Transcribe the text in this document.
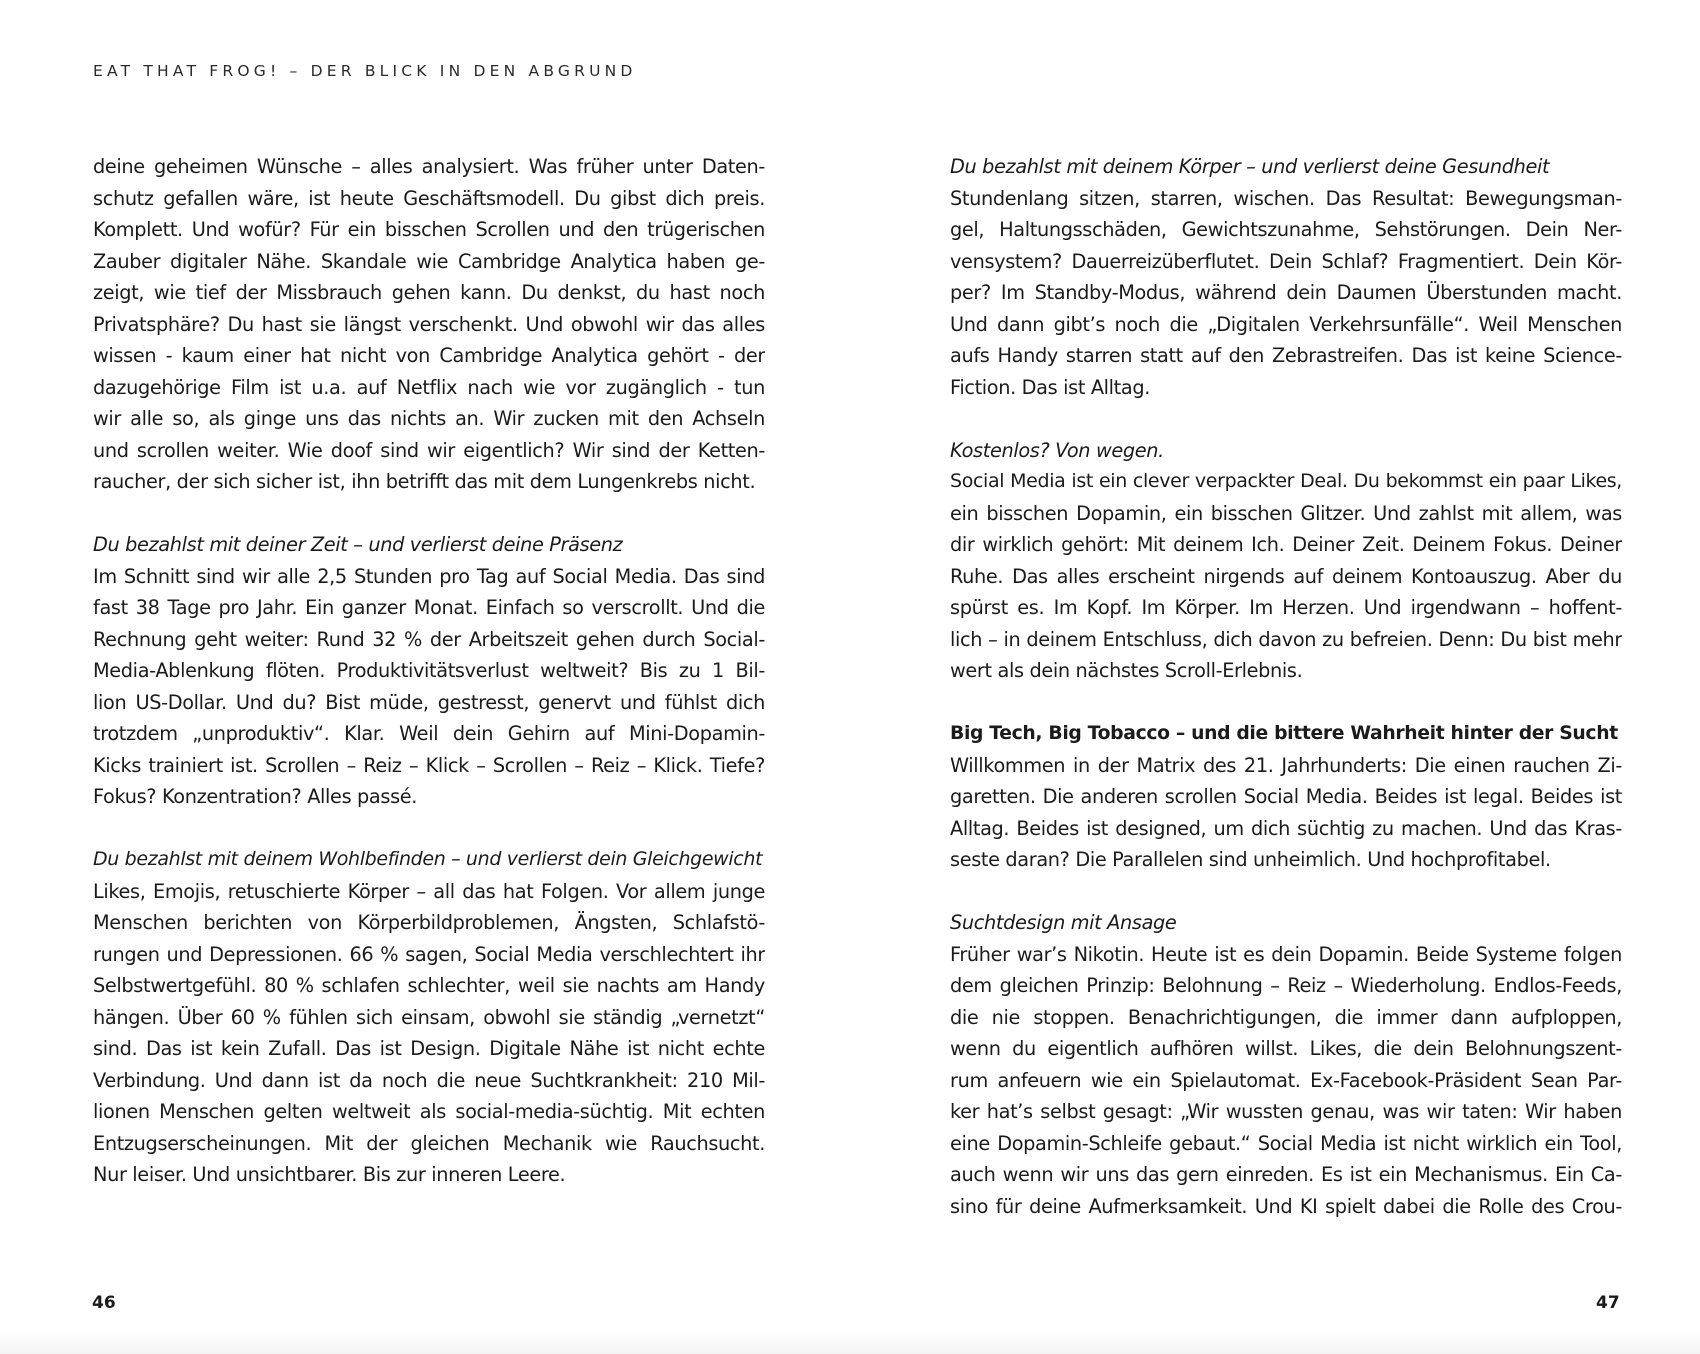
EAT THAT FROG! – DER BLICK IN DEN ABGRUND
deine geheimen Wünsche – alles analysiert. Was früher unter Daten-
schutz gefallen wäre, ist heute Geschäftsmodell. Du gibst dich preis.
Komplett. Und wofür? Für ein bisschen Scrollen und den trügerischen
Zauber digitaler Nähe. Skandale wie Cambridge Analytica haben ge-
zeigt, wie tief der Missbrauch gehen kann. Du denkst, du hast noch
Privatsphäre? Du hast sie längst verschenkt. Und obwohl wir das alles
wissen - kaum einer hat nicht von Cambridge Analytica gehört - der
dazugehörige Film ist u.a. auf Netflix nach wie vor zugänglich - tun
wir alle so, als ginge uns das nichts an. Wir zucken mit den Achseln
und scrollen weiter. Wie doof sind wir eigentlich? Wir sind der Ketten-
raucher, der sich sicher ist, ihn betrifft das mit dem Lungenkrebs nicht.
Du bezahlst mit deiner Zeit – und verlierst deine Präsenz
Im Schnitt sind wir alle 2,5 Stunden pro Tag auf Social Media. Das sind
fast 38 Tage pro Jahr. Ein ganzer Monat. Einfach so verscrollt. Und die
Rechnung geht weiter: Rund 32 % der Arbeitszeit gehen durch Social-
Media-Ablenkung flöten. Produktivitätsverlust weltweit? Bis zu 1 Bil-
lion US-Dollar. Und du? Bist müde, gestresst, genervt und fühlst dich
trotzdem „unproduktiv“. Klar. Weil dein Gehirn auf Mini-Dopamin-
Kicks trainiert ist. Scrollen – Reiz – Klick – Scrollen – Reiz – Klick. Tiefe?
Fokus? Konzentration? Alles passé.
Du bezahlst mit deinem Wohlbefinden – und verlierst dein Gleichgewicht
Likes, Emojis, retuschierte Körper – all das hat Folgen. Vor allem junge
Menschen berichten von Körperbildproblemen, Ängsten, Schlafstö-
rungen und Depressionen. 66 % sagen, Social Media verschlechtert ihr
Selbstwertgefühl. 80 % schlafen schlechter, weil sie nachts am Handy
hängen. Über 60 % fühlen sich einsam, obwohl sie ständig „vernetzt“
sind. Das ist kein Zufall. Das ist Design. Digitale Nähe ist nicht echte
Verbindung. Und dann ist da noch die neue Suchtkrankheit: 210 Mil-
lionen Menschen gelten weltweit als social-media-süchtig. Mit echten
Entzugserscheinungen. Mit der gleichen Mechanik wie Rauchsucht.
Nur leiser. Und unsichtbarer. Bis zur inneren Leere.
Du bezahlst mit deinem Körper – und verlierst deine Gesundheit
Stundenlang sitzen, starren, wischen. Das Resultat: Bewegungsman-
gel, Haltungsschäden, Gewichtszunahme, Sehstörungen. Dein Ner-
vensystem? Dauerreizüberflutet. Dein Schlaf? Fragmentiert. Dein Kör-
per? Im Standby-Modus, während dein Daumen Überstunden macht.
Und dann gibt’s noch die „Digitalen Verkehrsunfälle“. Weil Menschen
aufs Handy starren statt auf den Zebrastreifen. Das ist keine Science-
Fiction. Das ist Alltag.
Kostenlos? Von wegen.
Social Media ist ein clever verpackter Deal. Du bekommst ein paar Likes,
ein bisschen Dopamin, ein bisschen Glitzer. Und zahlst mit allem, was
dir wirklich gehört: Mit deinem Ich. Deiner Zeit. Deinem Fokus. Deiner
Ruhe. Das alles erscheint nirgends auf deinem Kontoauszug. Aber du
spürst es. Im Kopf. Im Körper. Im Herzen. Und irgendwann – hoffent-
lich – in deinem Entschluss, dich davon zu befreien. Denn: Du bist mehr
wert als dein nächstes Scroll-Erlebnis.
Big Tech, Big Tobacco – und die bittere Wahrheit hinter der Sucht
Willkommen in der Matrix des 21. Jahrhunderts: Die einen rauchen Zi-
garetten. Die anderen scrollen Social Media. Beides ist legal. Beides ist
Alltag. Beides ist designed, um dich süchtig zu machen. Und das Kras-
seste daran? Die Parallelen sind unheimlich. Und hochprofitabel.
Suchtdesign mit Ansage
Früher war’s Nikotin. Heute ist es dein Dopamin. Beide Systeme folgen
dem gleichen Prinzip: Belohnung – Reiz – Wiederholung. Endlos-Feeds,
die nie stoppen. Benachrichtigungen, die immer dann aufploppen,
wenn du eigentlich aufhören willst. Likes, die dein Belohnungszent-
rum anfeuern wie ein Spielautomat. Ex-Facebook-Präsident Sean Par-
ker hat’s selbst gesagt: „Wir wussten genau, was wir taten: Wir haben
eine Dopamin-Schleife gebaut.“ Social Media ist nicht wirklich ein Tool,
auch wenn wir uns das gern einreden. Es ist ein Mechanismus. Ein Ca-
sino für deine Aufmerksamkeit. Und KI spielt dabei die Rolle des Crou-
46	47
